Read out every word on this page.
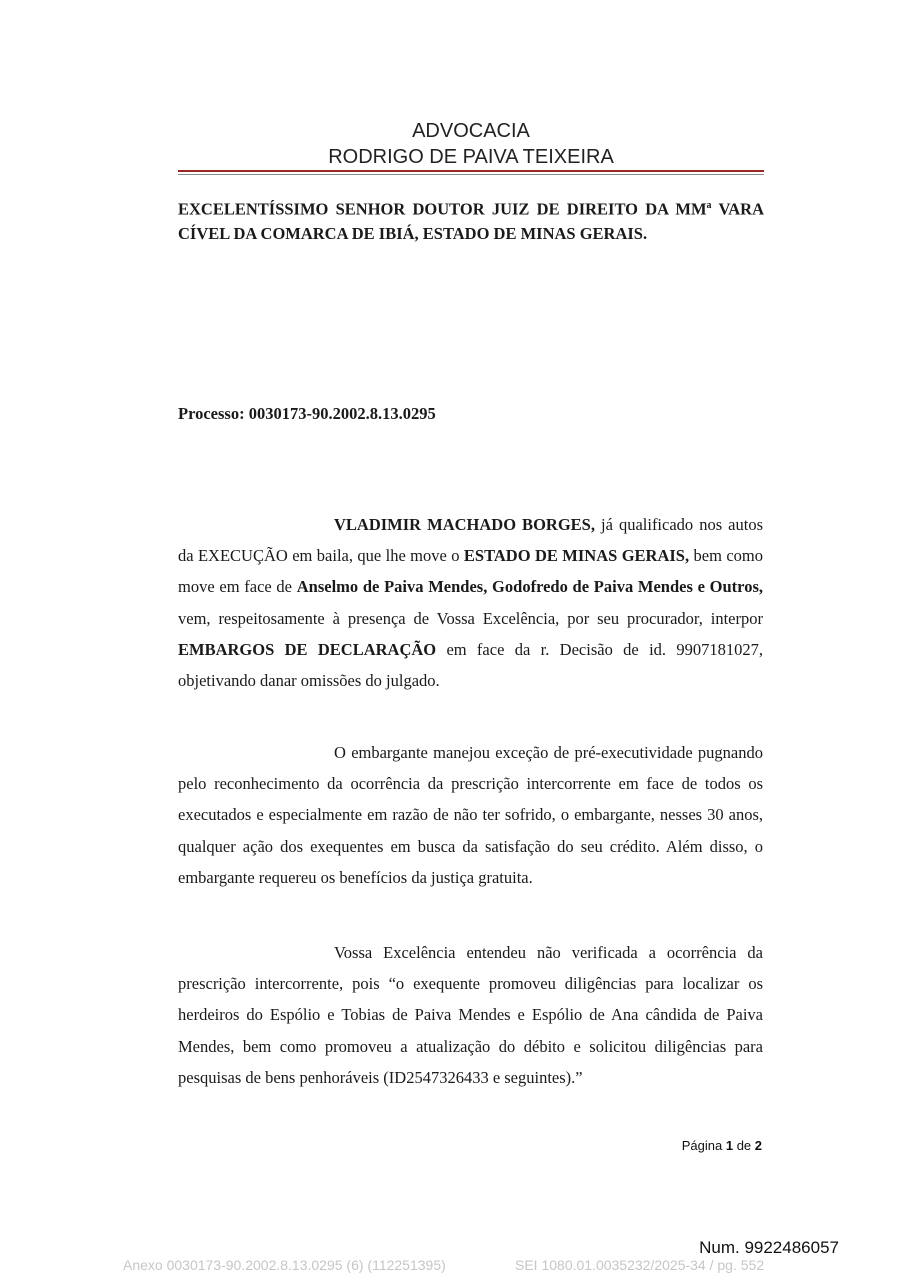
ADVOCACIA
RODRIGO DE PAIVA TEIXEIRA
EXCELENTÍSSIMO SENHOR DOUTOR JUIZ DE DIREITO DA $MM^a$ VARA CÍVEL DA COMARCA DE IBIÁ, ESTADO DE MINAS GERAIS.
Processo: 0030173-90.2002.8.13.0295

VLADIMIR MACHADO BORGES, já qualificado nos autos da EXECUÇÃO em baila, que lhe move o ESTADO DE MINAS GERAIS, bem como move em face de Anselmo de Paiva Mendes, Godofredo de Paiva Mendes e Outros, vem, respeitosamente à presença de Vossa Excelência, por seu procurador, interpor EMBARGOS DE DECLARAÇÃO em face da r. Decisão de id. 9907181027, objetivando danar omissões do julgado.

O embargante manejou exceção de pré-executividade pugnando pelo reconhecimento da ocorrência da prescrição intercorrente em face de todos os executados e especialmente em razão de não ter sofrido, o embargante, nesses 30 anos, qualquer ação dos exequentes em busca da satisfação do seu crédito. Além disso, o embargante requereu os benefícios da justiça gratuita.

Vossa Excelência entendeu não verificada a ocorrência da prescrição intercorrente, pois “o exequente promoveu diligências para localizar os herdeiros do Espólio e Tobias de Paiva Mendes e Espólio de Ana cândida de Paiva Mendes, bem como promoveu a atualização do débito e solicitou diligências para pesquisas de bens penhoráveis (ID2547326433 e seguintes).”

Página 1 de 2
Num. 9922486057
Anexo 0030173-90.2002.8.13.0295 (6) (112251395)	SEI 1080.01.0035232/2025-34 / pg. 552
